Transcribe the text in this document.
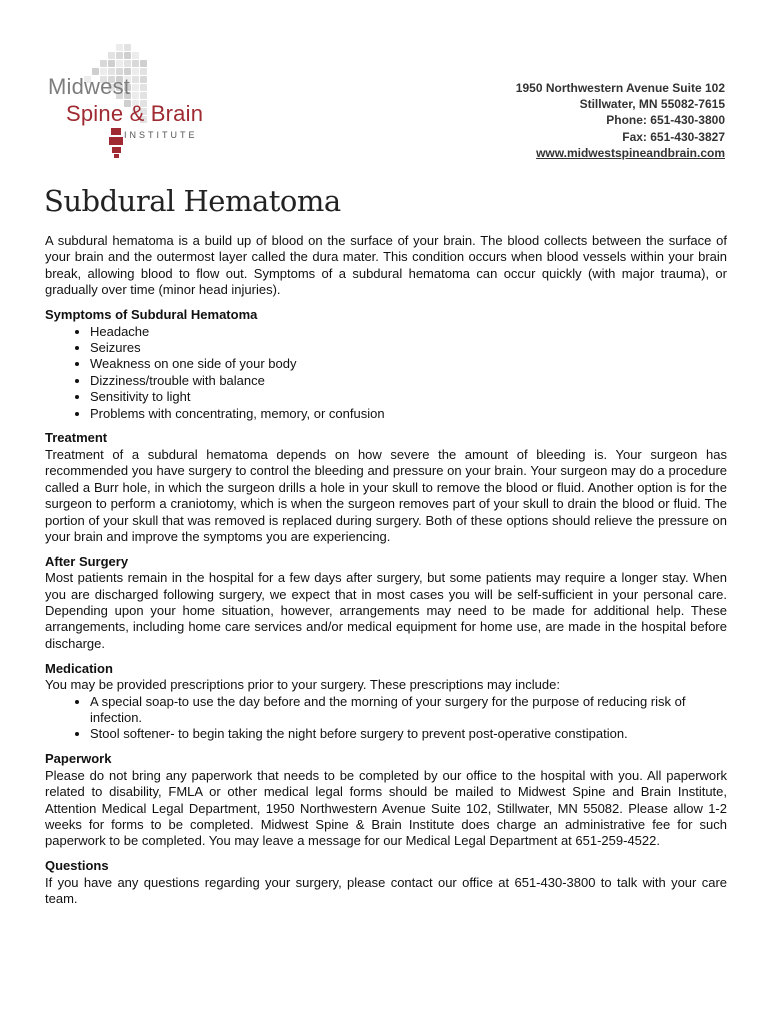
Midwest
Spine & Brain
INSTITUTE
1950 Northwestern Avenue Suite 102
Stillwater, MN 55082-7615
Phone: 651-430-3800
Fax: 651-430-3827
www.midwestspineandbrain.com
Subdural Hematoma

A subdural hematoma is a build up of blood on the surface of your brain. The blood collects between the surface of your brain and the outermost layer called the dura mater. This condition occurs when blood vessels within your brain break, allowing blood to flow out. Symptoms of a subdural hematoma can occur quickly (with major trauma), or gradually over time (minor head injuries).

Symptoms of Subdural Hematoma
• Headache
• Seizures
• Weakness on one side of your body
• Dizziness/trouble with balance
• Sensitivity to light
• Problems with concentrating, memory, or confusion
Treatment

Treatment of a subdural hematoma depends on how severe the amount of bleeding is. Your surgeon has recommended you have surgery to control the bleeding and pressure on your brain. Your surgeon may do a procedure called a Burr hole, in which the surgeon drills a hole in your skull to remove the blood or fluid. Another option is for the surgeon to perform a craniotomy, which is when the surgeon removes part of your skull to drain the blood or fluid. The portion of your skull that was removed is replaced during surgery. Both of these options should relieve the pressure on your brain and improve the symptoms you are experiencing.

After Surgery

Most patients remain in the hospital for a few days after surgery, but some patients may require a longer stay. When you are discharged following surgery, we expect that in most cases you will be self-sufficient in your personal care. Depending upon your home situation, however, arrangements may need to be made for additional help. These arrangements, including home care services and/or medical equipment for home use, are made in the hospital before discharge.

Medication

You may be provided prescriptions prior to your surgery. These prescriptions may include:

• A special soap-to use the day before and the morning of your surgery for the purpose of reducing risk of infection.
• Stool softener- to begin taking the night before surgery to prevent post-operative constipation.
Paperwork

Please do not bring any paperwork that needs to be completed by our office to the hospital with you. All paperwork related to disability, FMLA or other medical legal forms should be mailed to Midwest Spine and Brain Institute, Attention Medical Legal Department, 1950 Northwestern Avenue Suite 102, Stillwater, MN 55082. Please allow 1-2 weeks for forms to be completed. Midwest Spine & Brain Institute does charge an administrative fee for such paperwork to be completed. You may leave a message for our Medical Legal Department at 651-259-4522.

Questions

If you have any questions regarding your surgery, please contact our office at 651-430-3800 to talk with your care team.
